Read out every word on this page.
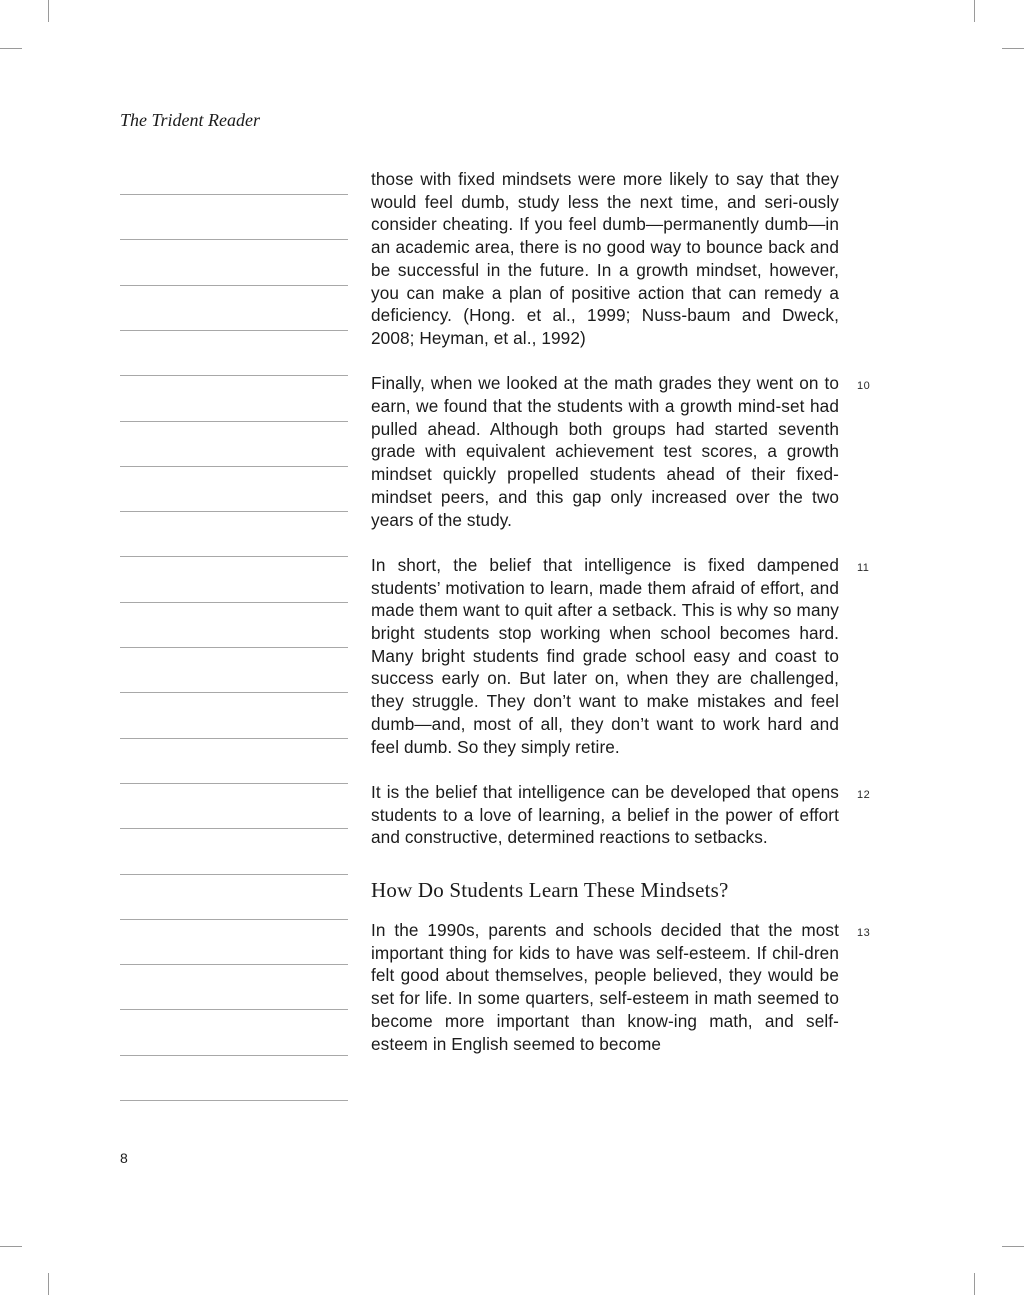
The Trident Reader

those with fixed mindsets were more likely to say that they would feel dumb, study less the next time, and seri-ously consider cheating. If you feel dumb—permanently dumb—in an academic area, there is no good way to bounce back and be successful in the future. In a growth mindset, however, you can make a plan of positive action that can remedy a deficiency. (Hong. et al., 1999; Nuss-baum and Dweck, 2008; Heyman, et al., 1992)

10
Finally, when we looked at the math grades they went on to earn, we found that the students with a growth mind-set had pulled ahead. Although both groups had started seventh grade with equivalent achievement test scores, a growth mindset quickly propelled students ahead of their fixed-mindset peers, and this gap only increased over the two years of the study.

11
In short, the belief that intelligence is fixed dampened students’ motivation to learn, made them afraid of effort, and made them want to quit after a setback. This is why so many bright students stop working when school becomes hard. Many bright students find grade school easy and coast to success early on. But later on, when they are challenged, they struggle. They don’t want to make mistakes and feel dumb—and, most of all, they don’t want to work hard and feel dumb. So they simply retire.

12
It is the belief that intelligence can be developed that opens students to a love of learning, a belief in the power of effort and constructive, determined reactions to setbacks.

How Do Students Learn These Mindsets?

13
In the 1990s, parents and schools decided that the most important thing for kids to have was self-esteem. If chil-dren felt good about themselves, people believed, they would be set for life. In some quarters, self-esteem in math seemed to become more important than know-ing math, and self-esteem in English seemed to become

8
